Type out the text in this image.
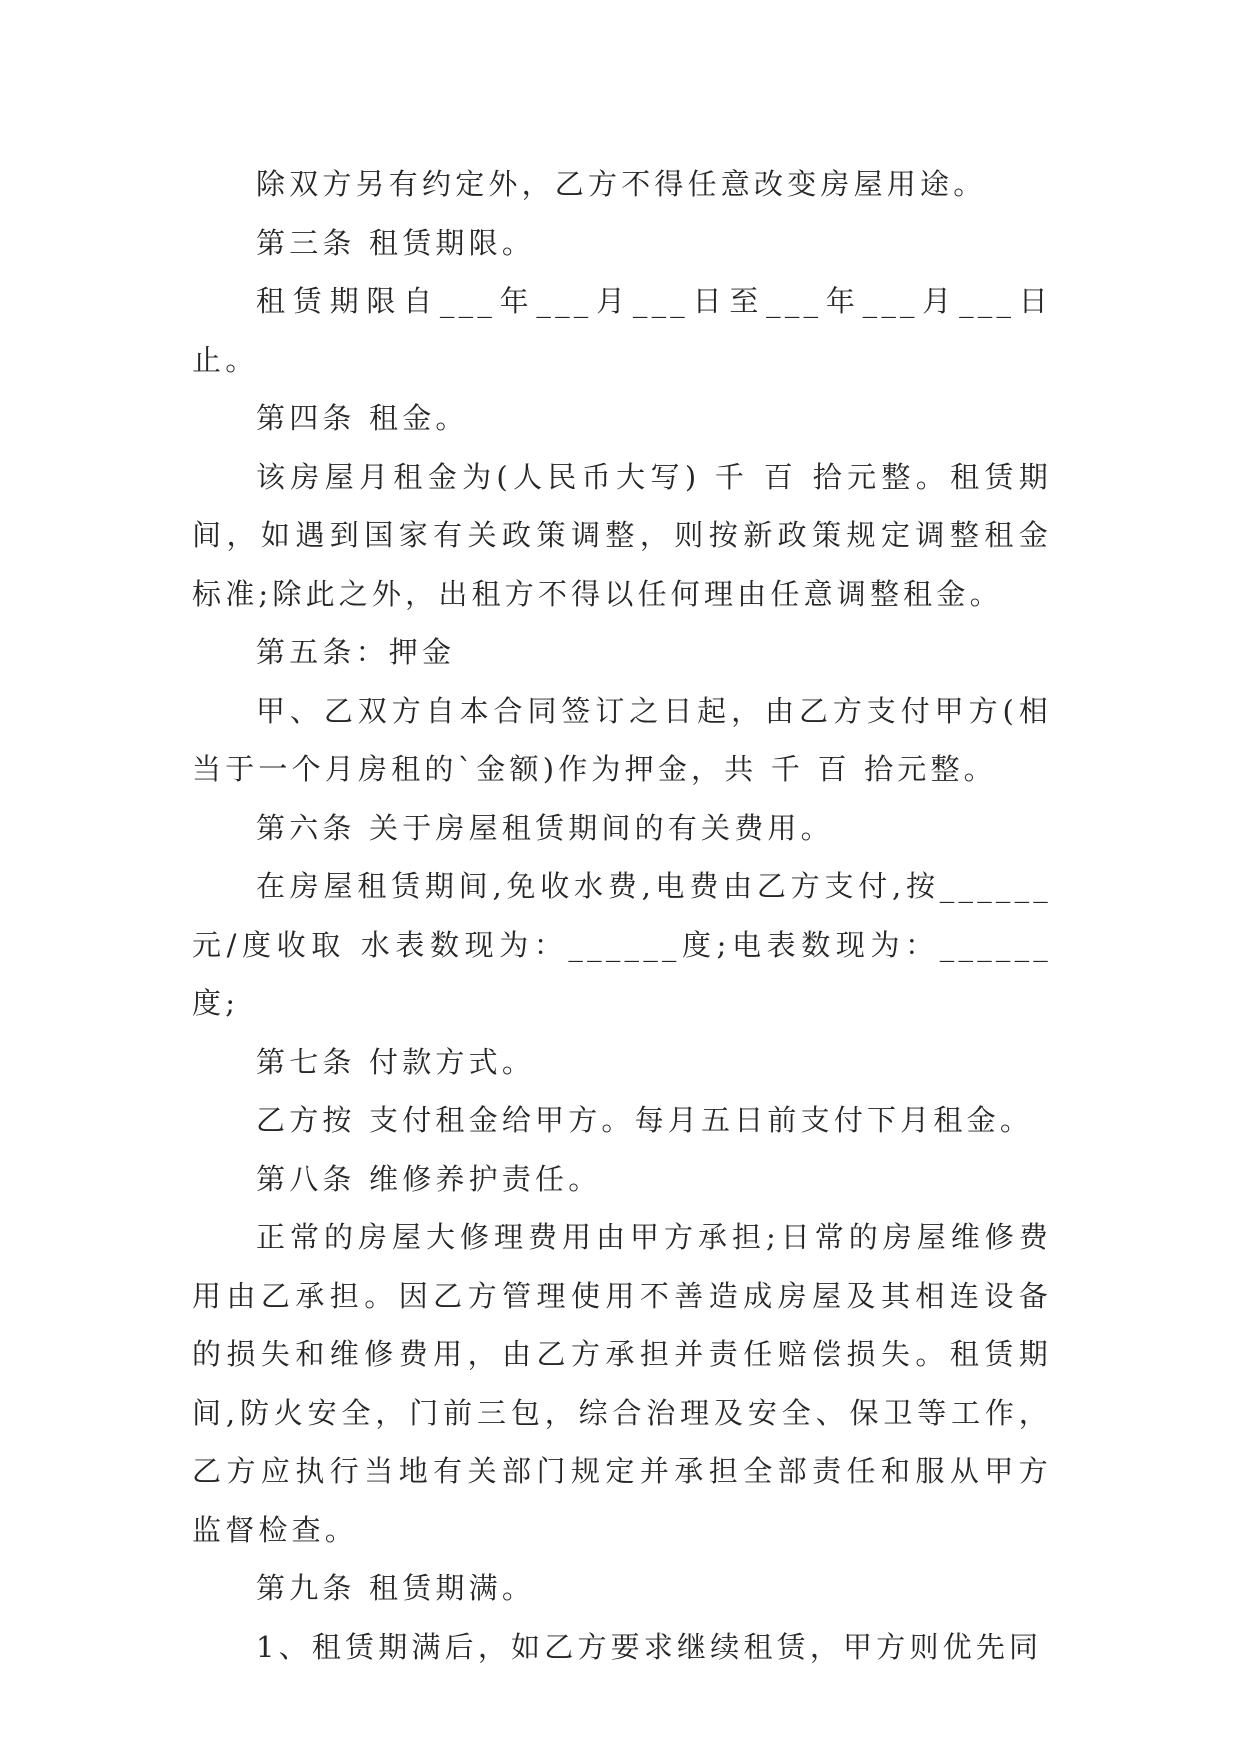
除双方另有约定外，乙方不得任意改变房屋用途。

第三条 租赁期限。

租赁期限自___年___月___日至___年___月___日止。

第四条 租金。

该房屋月租金为(人民币大写) 千 百 拾元整。租赁期间，如遇到国家有关政策调整，则按新政策规定调整租金标准;除此之外，出租方不得以任何理由任意调整租金。

第五条：押金

甲、乙双方自本合同签订之日起，由乙方支付甲方(相当于一个月房租的`金额)作为押金，共 千 百 拾元整。

第六条 关于房屋租赁期间的有关费用。

在房屋租赁期间,免收水费,电费由乙方支付,按______元/度收取 水表数现为：______度;电表数现为：______度;

第七条 付款方式。

乙方按 支付租金给甲方。每月五日前支付下月租金。

第八条 维修养护责任。

正常的房屋大修理费用由甲方承担;日常的房屋维修费用由乙承担。因乙方管理使用不善造成房屋及其相连设备的损失和维修费用，由乙方承担并责任赔偿损失。租赁期间,防火安全，门前三包，综合治理及安全、保卫等工作，乙方应执行当地有关部门规定并承担全部责任和服从甲方监督检查。

第九条 租赁期满。

1、租赁期满后，如乙方要求继续租赁，甲方则优先同
